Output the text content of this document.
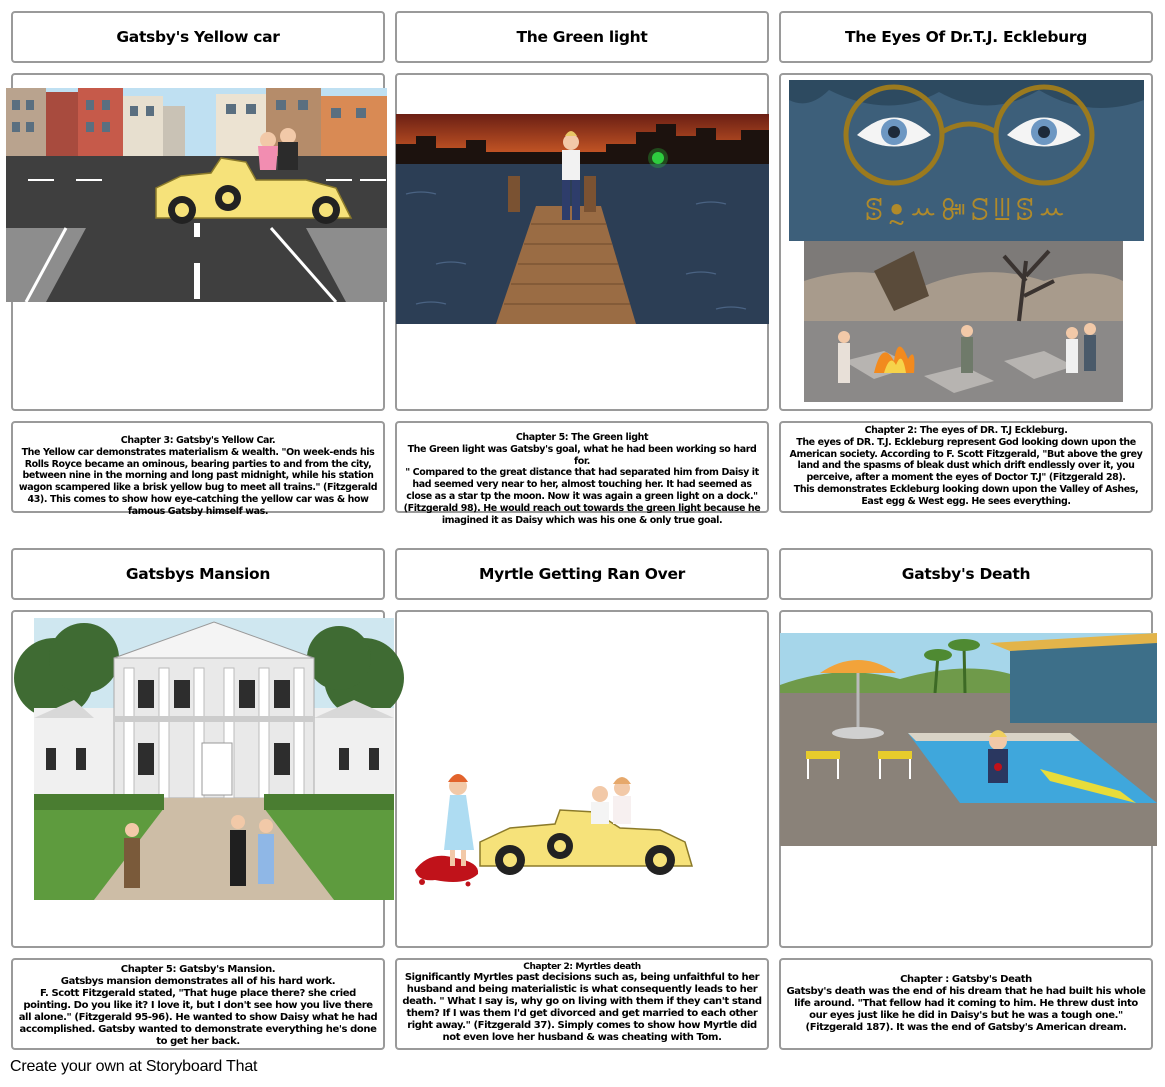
Gatsby's Yellow car	The Green light	The Eyes Of Dr.T.J. Eckleburg
ꕷꔸꕀꔼꕶꔗꕷꕀ
Chapter 3: Gatsby's Yellow Car.
The Yellow car demonstrates materialism & wealth. "On week-ends his Rolls Royce became an ominous, bearing parties to and from the city, between nine in the morning and long past midnight, while his station wagon scampered like a brisk yellow bug to meet all trains." (Fitzgerald 43). This comes to show how eye-catching the yellow car was & how famous Gatsby himself was.
Chapter 5: The Green light
The Green light was Gatsby's goal, what he had been working so hard for.
" Compared to the great distance that had separated him from Daisy it had seemed very near to her, almost touching her. It had seemed as close as a star tp the moon. Now it was again a green light on a dock."(Fitzgerald 98). He would reach out towards the green light because he imagined it as Daisy which was his one & only true goal.
Chapter 2: The eyes of DR. T.J Eckleburg.
The eyes of DR. T.J. Eckleburg represent God looking down upon the American society. According to F. Scott Fitzgerald, "But above the grey land and the spasms of bleak dust which drift endlessly over it, you
perceive, after a moment the eyes of Doctor T.J" (Fitzgerald 28).
This demonstrates Eckleburg looking down upon the Valley of Ashes, East egg & West egg. He sees everything.
Gatsbys Mansion	Myrtle Getting Ran Over	Gatsby's Death
Chapter 5: Gatsby's Mansion.
Gatsbys mansion demonstrates all of his hard work.
F. Scott Fitzgerald stated, "That huge place there? she cried pointing. Do you like it? I love it, but I don't see how you live there all alone." (Fitzgerald 95-96). He wanted to show Daisy what he had accomplished. Gatsby wanted to demonstrate everything he's done to get her back.
Chapter 2: Myrtles death
Significantly Myrtles past decisions such as, being unfaithful to her husband and being materialistic is what consequently leads to her death. " What I say is, why go on living with them if they can't stand them? If I was them I'd get divorced and get married to each other right away." (Fitzgerald 37). Simply comes to show how Myrtle did not even love her husband & was cheating with Tom.
Chapter : Gatsby's Death
Gatsby's death was the end of his dream that he had built his whole life around. "That fellow had it coming to him. He threw dust into our eyes just like he did in Daisy's but he was a tough one." (Fitzgerald 187). It was the end of Gatsby's American dream.
Create your own at Storyboard That
